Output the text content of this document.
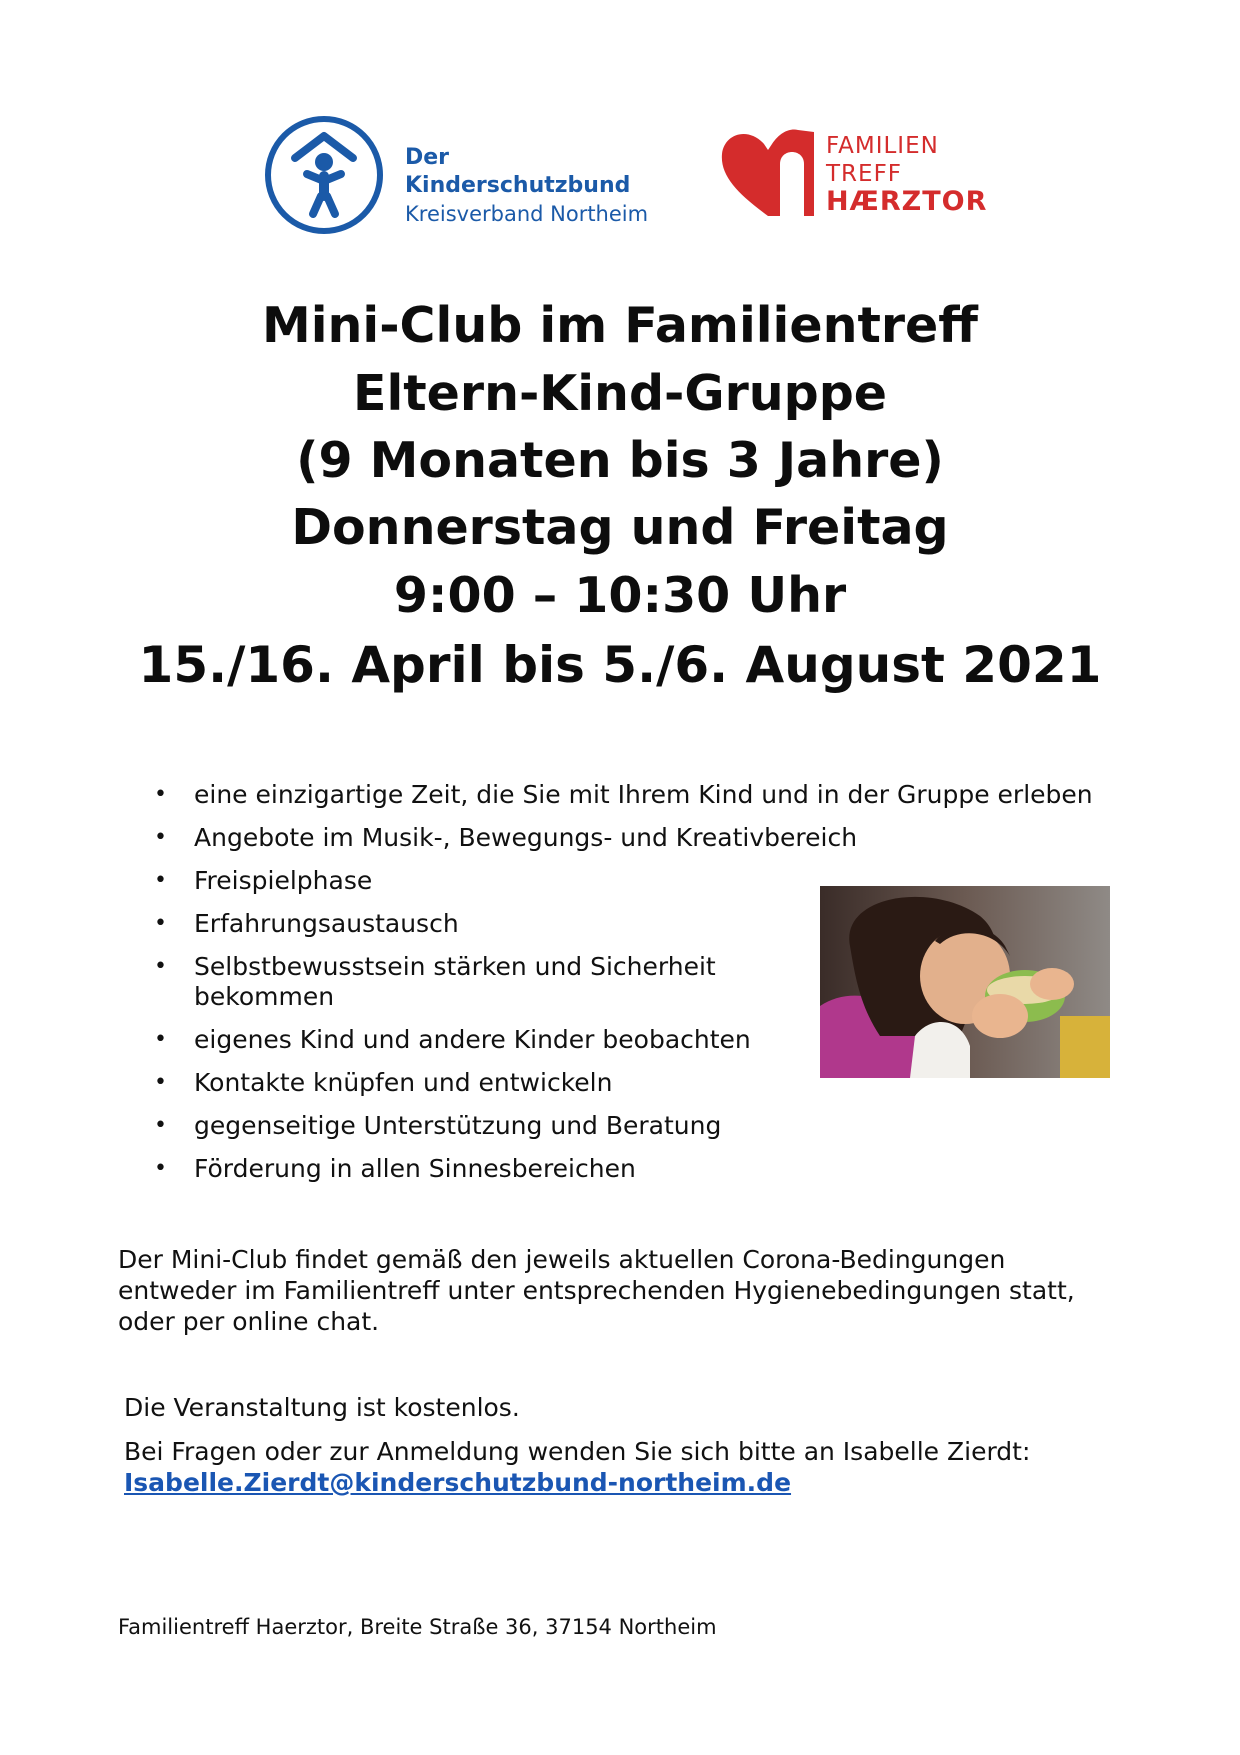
Der Kinderschutzbund
Kreisverband Northeim
FAMILIEN
TREFF
HÆRZTOR
Mini-Club im Familientreff
Eltern-Kind-Gruppe
(9 Monaten bis 3 Jahre)
Donnerstag und Freitag
9:00 – 10:30 Uhr
15./16. April bis 5./6. August 2021
• eine einzigartige Zeit, die Sie mit Ihrem Kind und in der Gruppe erleben
• Angebote im Musik-, Bewegungs- und Kreativbereich
• Freispielphase
• Erfahrungsaustausch
• Selbstbewusstsein stärken und Sicherheit bekommen
• eigenes Kind und andere Kinder beobachten
• Kontakte knüpfen und entwickeln
• gegenseitige Unterstützung und Beratung
• Förderung in allen Sinnesbereichen

Der Mini-Club findet gemäß den jeweils aktuellen Corona-Bedingungen entweder im Familientreff unter entsprechenden Hygienebedingungen statt, oder per online chat.

Die Veranstaltung ist kostenlos.

Bei Fragen oder zur Anmeldung wenden Sie sich bitte an Isabelle Zierdt:
Isabelle.Zierdt@kinderschutzbund-northeim.de

Familientreff Haerztor, Breite Straße 36, 37154 Northeim
